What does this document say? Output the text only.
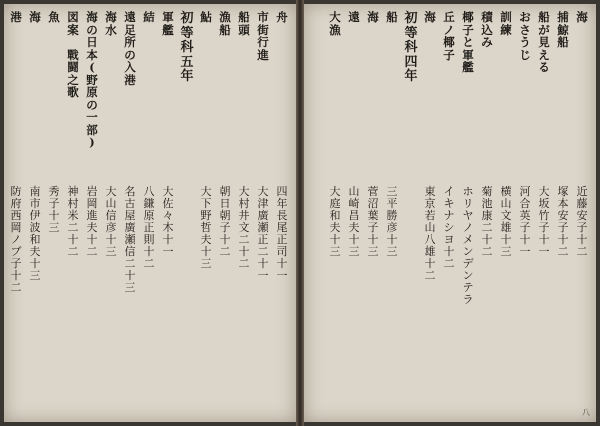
舟
四
年
長
尾
正
司
十
一
市
街
行
進
大
津
廣
瀬
正
二
十
一
船
頭
大
村
井
文
二
十
二
漁
船
朝
日
朝
子
十
二
鮎
大
下
野
哲
夫
十
三
初
等
科
五
年
軍
艦
大
佐
々
木
十
一
結
八
鎌
原
正
則
十
二
遠
足
所
の
入
港
名
古
屋
廣
瀬
信
二
十
三
海
水
大
山
信
彦
十
三
海
の
日
本
(
野
原
の
一
部
)
岩
岡
進
夫
十
二
図
案
戰
闘
之
歌
神
村
米
二
十
二
魚
秀
子
十
三
海
南
市
伊
波
和
夫
十
三
港
防
府
西
岡
ノ
ブ
子
十
二
海
近
藤
安
子
十
二
捕
鯨
船
塚
本
安
子
十
二
船
が
見
え
る
大
坂
竹
子
十
一
お
さ
う
じ
河
合
英
子
十
一
訓
練
横
山
文
雄
十
三
積
込
み
菊
池
康
二
十
二
椰
子
と
軍
艦
ホ
リ
ヤ
ノ
メ
ン
デ
ン
テ
ラ
丘
ノ
椰
子
イ
キ
ナ
シ
ヨ
十
二
海
東
京
若
山
八
雄
十
二
初
等
科
四
年
船
三
平
勝
彦
十
三
海
菅
沼
葉
子
十
三
遠
山
崎
昌
夫
十
三
大
漁
大
庭
和
夫
十
三
八
